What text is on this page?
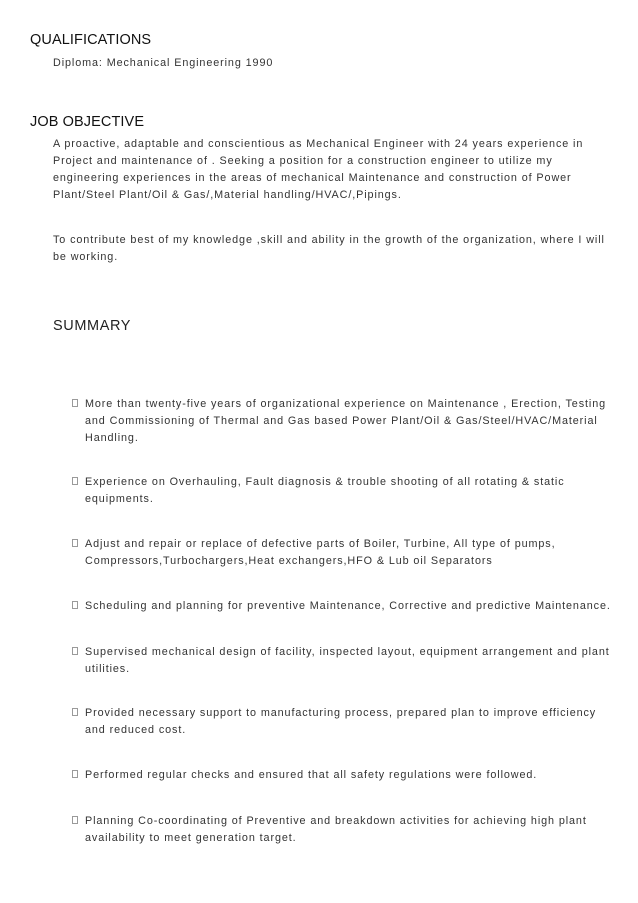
QUALIFICATIONS

Diploma: Mechanical Engineering 1990

JOB OBJECTIVE

A proactive, adaptable and conscientious as Mechanical Engineer with 24 years experience in Project and maintenance of . Seeking a position for a construction engineer to utilize my engineering experiences in the areas of mechanical Maintenance and construction of Power Plant/Steel Plant/Oil & Gas/,Material handling/HVAC/,Pipings.

To contribute best of my knowledge ,skill and ability in the growth of the organization, where I will be working.

SUMMARY

More than twenty-five years of organizational experience on Maintenance , Erection, Testing and Commissioning of Thermal and Gas based Power Plant/Oil & Gas/Steel/HVAC/Material Handling.

Experience on Overhauling, Fault diagnosis & trouble shooting of all rotating & static equipments.

Adjust and repair or replace of defective parts of Boiler, Turbine, All type of pumps, Compressors,Turbochargers,Heat exchangers,HFO & Lub oil Separators

Scheduling and planning for preventive Maintenance, Corrective and predictive Maintenance.

Supervised mechanical design of facility, inspected layout, equipment arrangement and plant utilities.

Provided necessary support to manufacturing process, prepared plan to improve efficiency and reduced cost.

Performed regular checks and ensured that all safety regulations were followed.

Planning Co-coordinating of Preventive and breakdown activities for achieving high plant availability to meet generation target.
